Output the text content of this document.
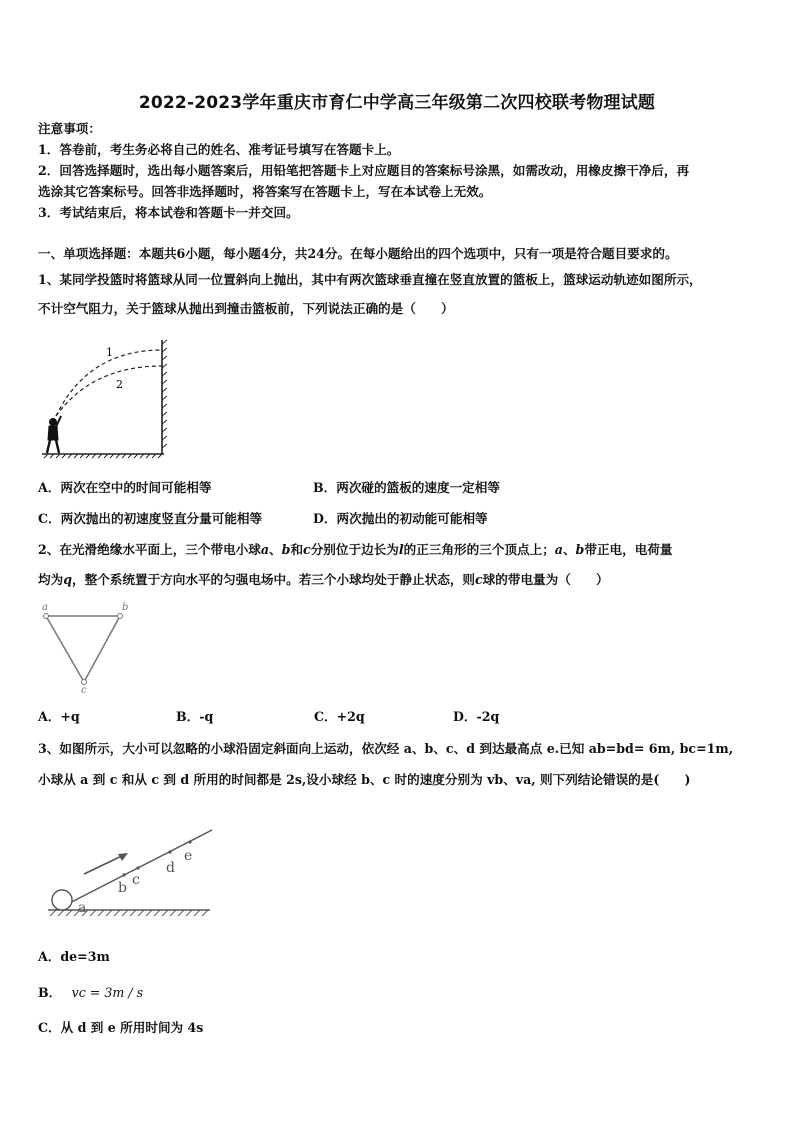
2022-2023学年重庆市育仁中学高三年级第二次四校联考物理试题
注意事项：
1．答卷前，考生务必将自己的姓名、准考证号填写在答题卡上。
2．回答选择题时，选出每小题答案后，用铅笔把答题卡上对应题目的答案标号涂黑，如需改动，用橡皮擦干净后，再
选涂其它答案标号。回答非选择题时，将答案写在答题卡上，写在本试卷上无效。
3．考试结束后，将本试卷和答题卡一并交回。
一、单项选择题：本题共6小题，每小题4分，共24分。在每小题给出的四个选项中，只有一项是符合题目要求的。
1、某同学投篮时将篮球从同一位置斜向上抛出，其中有两次篮球垂直撞在竖直放置的篮板上，篮球运动轨迹如图所示，
不计空气阻力，关于篮球从抛出到撞击篮板前，下列说法正确的是（　　）
1
2
A．两次在空中的时间可能相等	B．两次碰的篮板的速度一定相等
C．两次抛出的初速度竖直分量可能相等	D．两次抛出的初动能可能相等
2、在光滑绝缘水平面上，三个带电小球a、b和c分别位于边长为l的正三角形的三个顶点上；a、b带正电，电荷量
均为q，整个系统置于方向水平的匀强电场中。若三个小球均处于静止状态，则c球的带电量为（　　）
a	b
c
A．+q	B．-q	C．+2q	D．-2q
3、如图所示，大小可以忽略的小球沿固定斜面向上运动，依次经 a、b、c、d 到达最高点 e.已知 ab=bd= 6m, bc=1m,
小球从 a 到 c 和从 c 到 d 所用的时间都是 2s,设小球经 b、c 时的速度分别为 vb、va, 则下列结论错误的是(　　)
a
b c
d
e
A．de=3m
B． vc = 3m / s
C．从 d 到 e 所用时间为 4s
